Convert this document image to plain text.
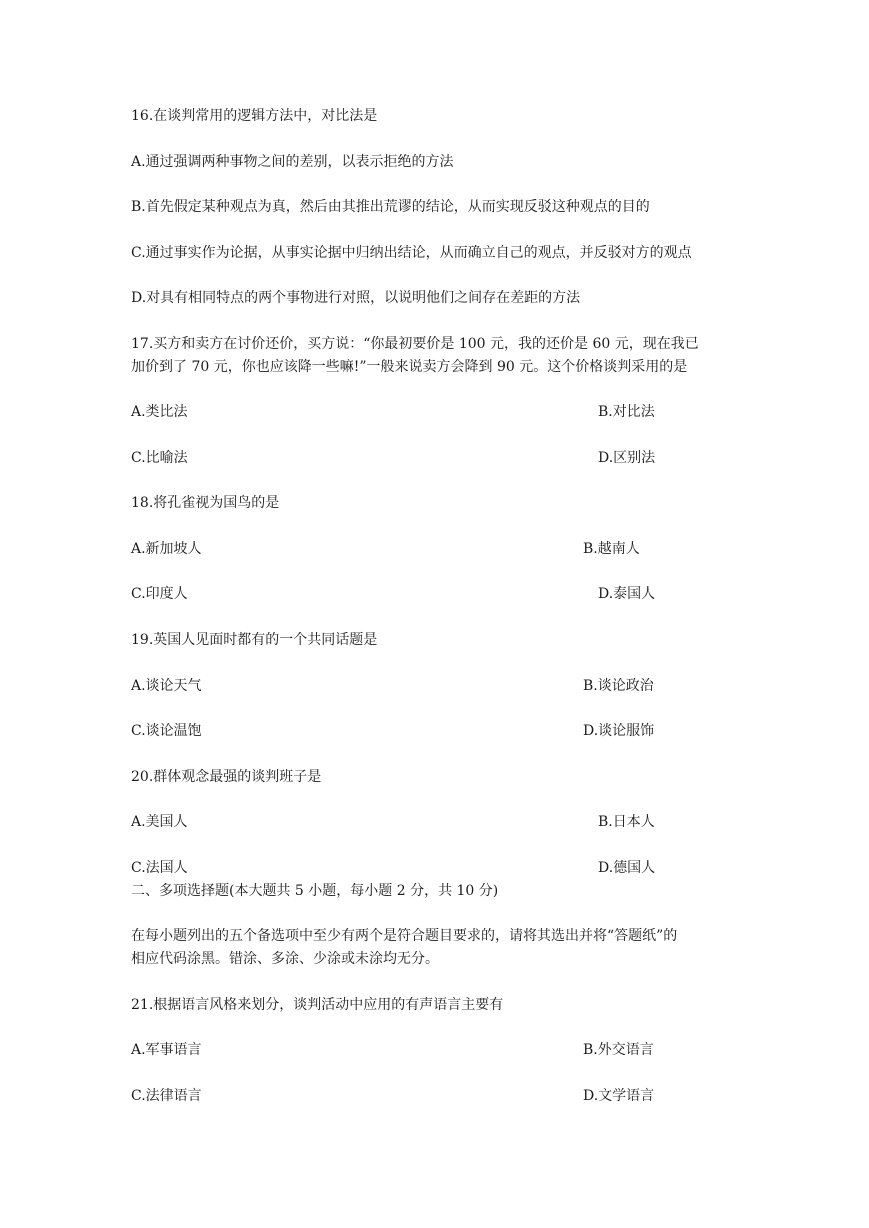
16.在谈判常用的逻辑方法中，对比法是
A.通过强调两种事物之间的差别，以表示拒绝的方法
B.首先假定某种观点为真，然后由其推出荒谬的结论，从而实现反驳这种观点的目的
C.通过事实作为论据，从事实论据中归纳出结论，从而确立自己的观点，并反驳对方的观点
D.对具有相同特点的两个事物进行对照，以说明他们之间存在差距的方法
17.买方和卖方在讨价还价，买方说：“你最初要价是 100 元，我的还价是 60 元，现在我已
加价到了 70 元，你也应该降一些嘛!”一般来说卖方会降到 90 元。这个价格谈判采用的是
A.类比法	B.对比法
C.比喻法	D.区别法
18.将孔雀视为国鸟的是
A.新加坡人	B.越南人
C.印度人	D.泰国人
19.英国人见面时都有的一个共同话题是
A.谈论天气	B.谈论政治
C.谈论温饱	D.谈论服饰
20.群体观念最强的谈判班子是
A.美国人	B.日本人
C.法国人	D.德国人
二、多项选择题(本大题共 5 小题，每小题 2 分，共 10 分)
在每小题列出的五个备选项中至少有两个是符合题目要求的，请将其选出并将“答题纸”的
相应代码涂黑。错涂、多涂、少涂或未涂均无分。
21.根据语言风格来划分，谈判活动中应用的有声语言主要有
A.军事语言	B.外交语言
C.法律语言	D.文学语言
